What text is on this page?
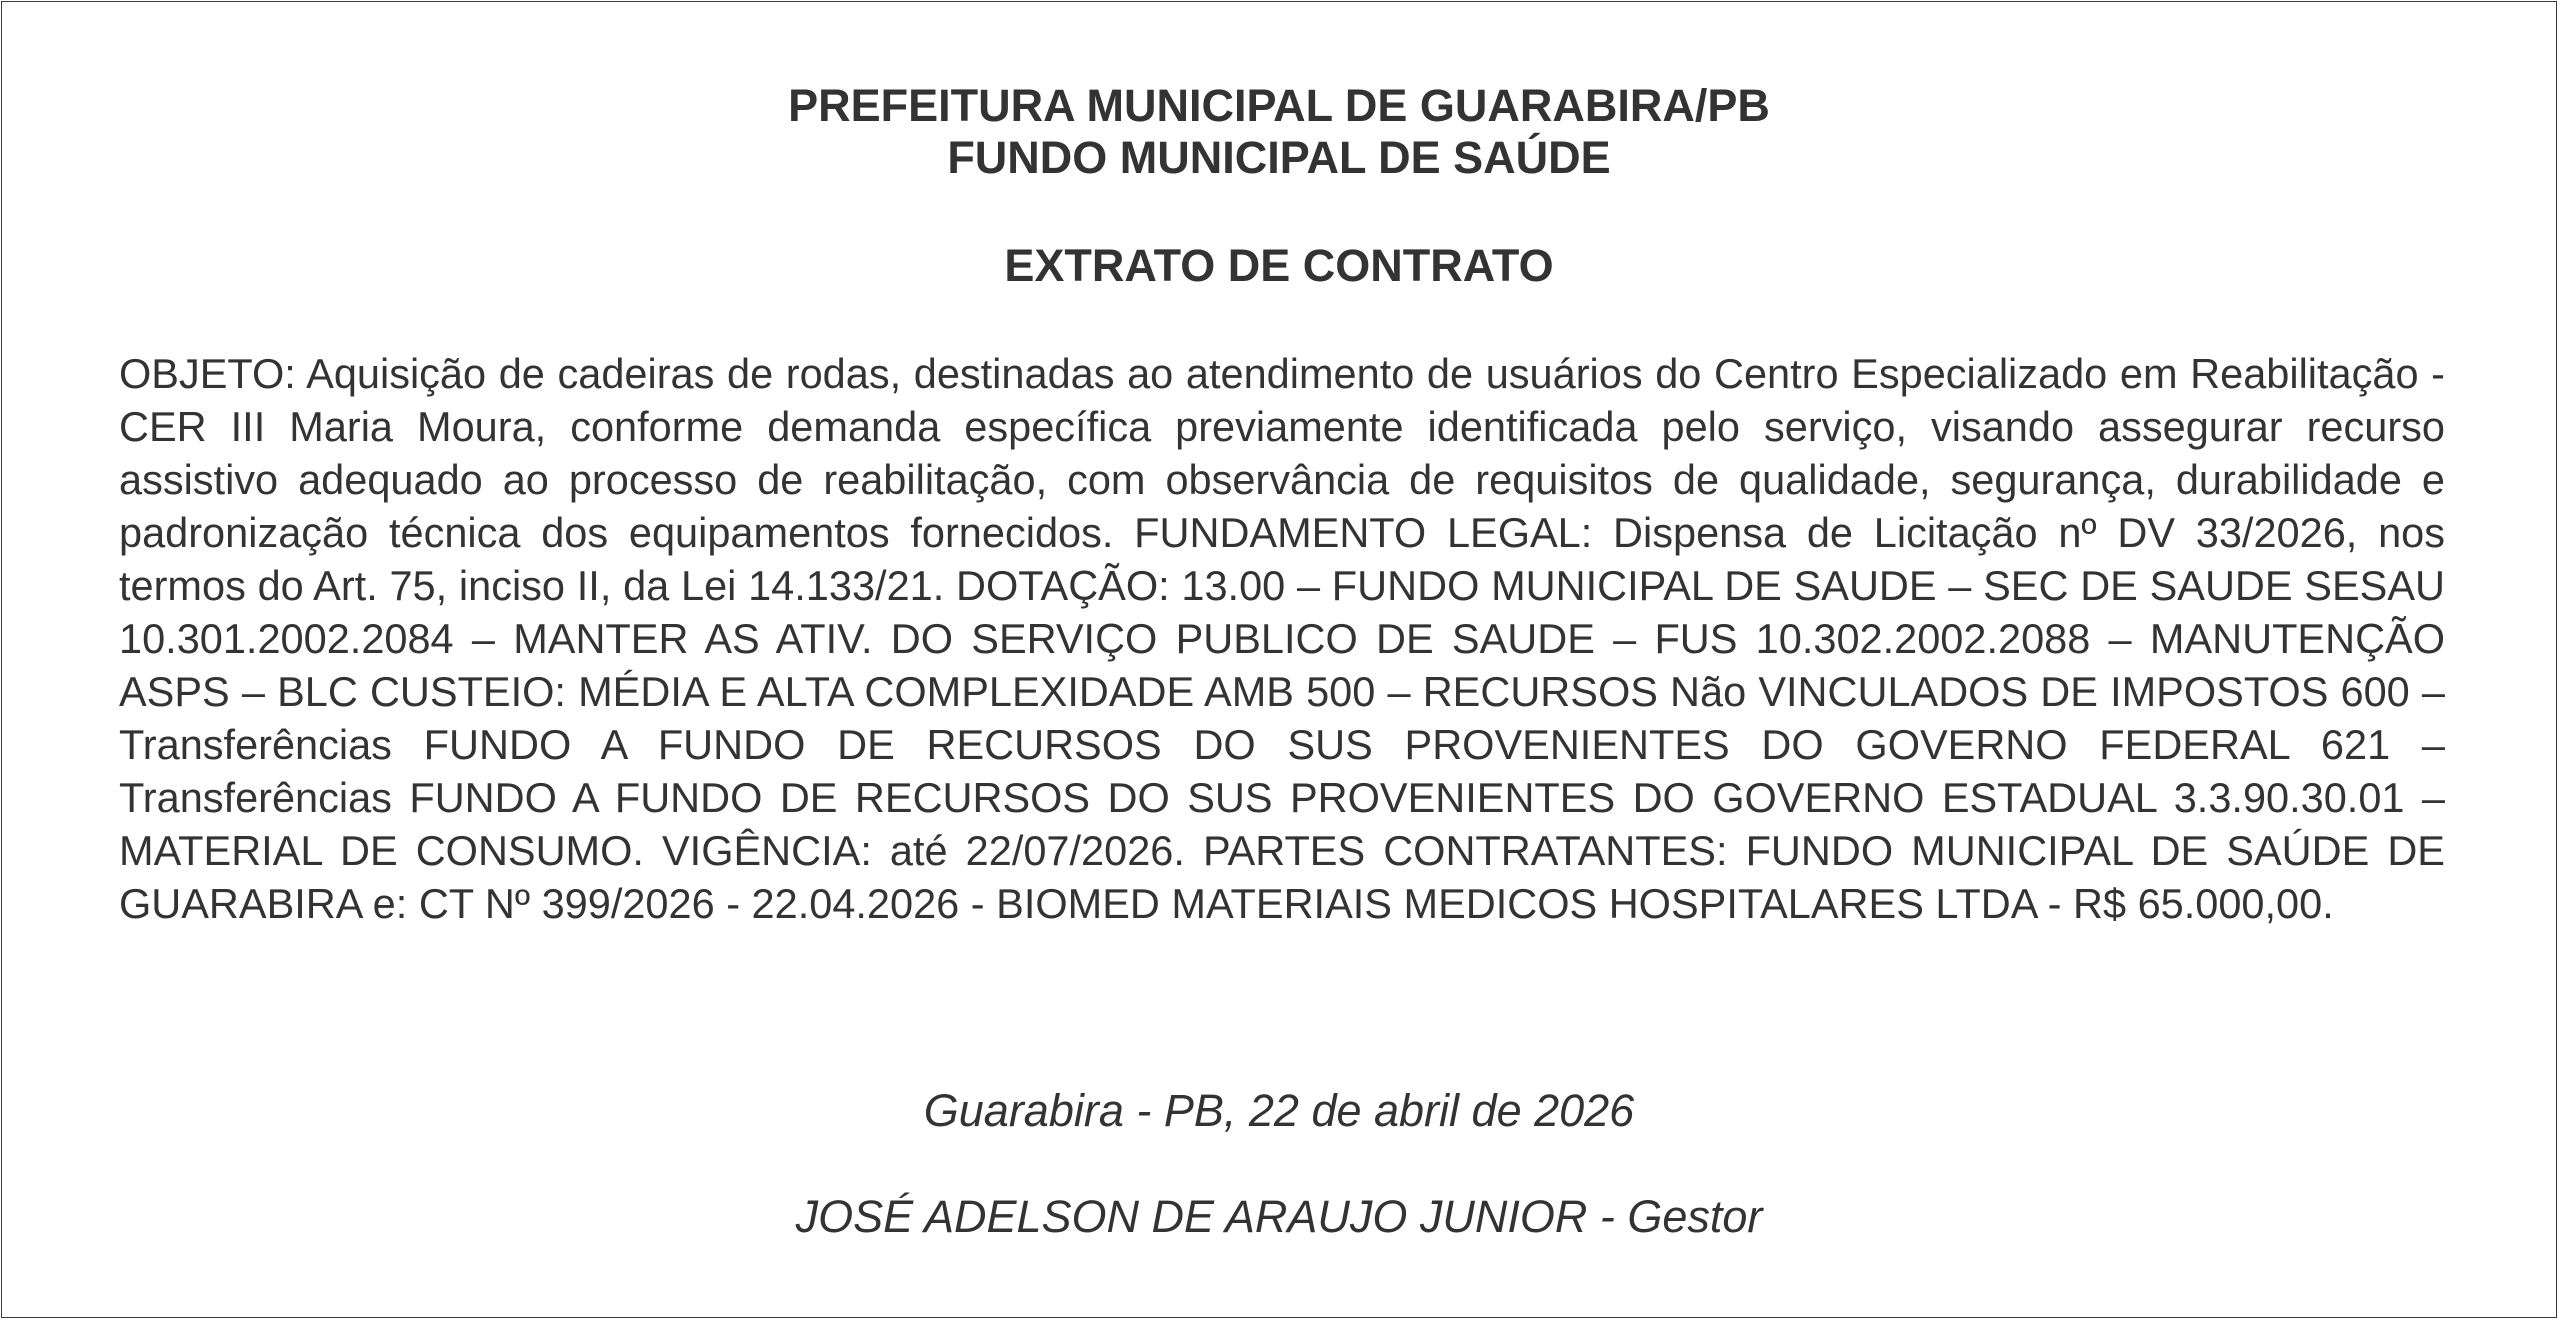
PREFEITURA MUNICIPAL DE GUARABIRA/PB
FUNDO MUNICIPAL DE SAÚDE
EXTRATO DE CONTRATO

OBJETO: Aquisição de cadeiras de rodas, destinadas ao atendimento de usuários do Centro Especializado em Reabilitação - CER III Maria Moura, conforme demanda específica previamente identificada pelo serviço, visando assegurar recurso assistivo adequado ao processo de reabilitação, com observância de requisitos de qualidade, segurança, durabilidade e padronização técnica dos equipamentos fornecidos. FUNDAMENTO LEGAL: Dispensa de Licitação nº DV 33/2026, nos termos do Art. 75, inciso II, da Lei 14.133/21. DOTAÇÃO: 13.00 – FUNDO MUNICIPAL DE SAUDE – SEC DE SAUDE SESAU 10.301.2002.2084 – MANTER AS ATIV. DO SERVIÇO PUBLICO DE SAUDE – FUS 10.302.2002.2088 – MANUTENÇÃO ASPS – BLC CUSTEIO: MÉDIA E ALTA COMPLEXIDADE AMB 500 – RECURSOS Não VINCULADOS DE IMPOSTOS 600 – Transferências FUNDO A FUNDO DE RECURSOS DO SUS PROVENIENTES DO GOVERNO FEDERAL 621 – Transferências FUNDO A FUNDO DE RECURSOS DO SUS PROVENIENTES DO GOVERNO ESTADUAL 3.3.90.30.01 – MATERIAL DE CONSUMO. VIGÊNCIA: até 22/07/2026. PARTES CONTRATANTES: FUNDO MUNICIPAL DE SAÚDE DE GUARABIRA e: CT Nº 399/2026 - 22.04.2026 - BIOMED MATERIAIS MEDICOS HOSPITALARES LTDA - R$ 65.000,00.

Guarabira - PB, 22 de abril de 2026
JOSÉ ADELSON DE ARAUJO JUNIOR - Gestor
